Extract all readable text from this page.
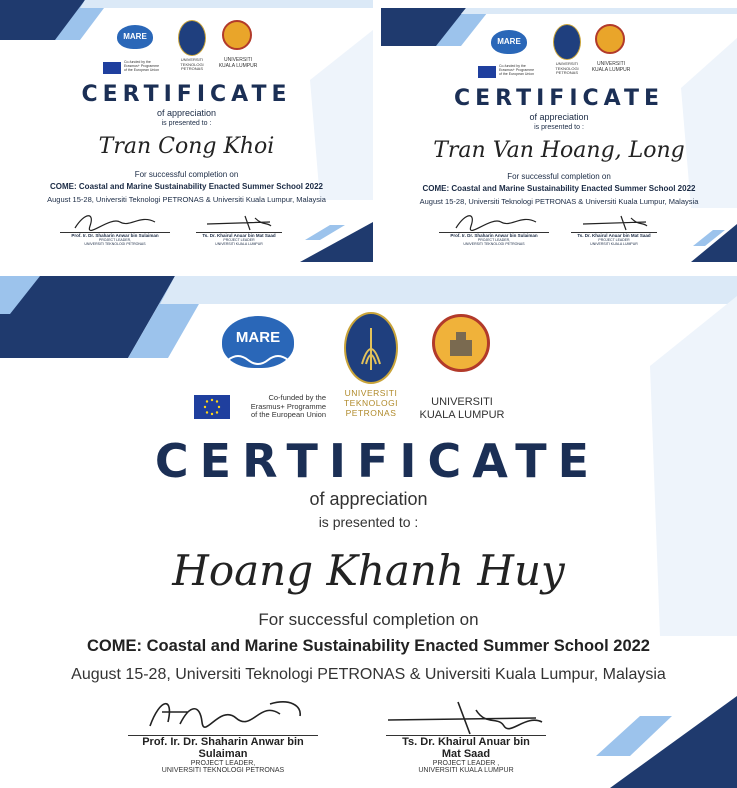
MARE
Co-funded by the
Erasmus+ Programme
of the European Union
UNIVERSITI
TEKNOLOGI
PETRONAS
UNIVERSITI
KUALA LUMPUR
CERTIFICATE
of appreciation
is presented to :
Tran Cong Khoi
For successful completion on
COME: Coastal and Marine Sustainability Enacted Summer School 2022
August 15-28, Universiti Teknologi PETRONAS & Universiti Kuala Lumpur, Malaysia
Prof. Ir. Dr. Shaharin Anwar bin Sulaiman
PROJECT LEADER,
UNIVERSITI TEKNOLOGI PETRONAS
Ts. Dr. Khairul Anuar bin Mat Saad
PROJECT LEADER
UNIVERSITI KUALA LUMPUR
MARE
Co-funded by the
Erasmus+ Programme
of the European Union
UNIVERSITI
TEKNOLOGI
PETRONAS
UNIVERSITI
KUALA LUMPUR
CERTIFICATE
of appreciation
is presented to :
Tran Van Hoang, Long
For successful completion on
COME: Coastal and Marine Sustainability Enacted Summer School 2022
August 15-28, Universiti Teknologi PETRONAS & Universiti Kuala Lumpur, Malaysia
Prof. Ir. Dr. Shaharin Anwar bin Sulaiman
PROJECT LEADER,
UNIVERSITI TEKNOLOGI PETRONAS
Ts. Dr. Khairul Anuar bin Mat Saad
PROJECT LEADER
UNIVERSITI KUALA LUMPUR
MARE
Co-funded by the
Erasmus+ Programme
of the European Union
UNIVERSITI
TEKNOLOGI
PETRONAS
UNIVERSITI
KUALA LUMPUR
CERTIFICATE
of appreciation
is presented to :
Hoang Khanh Huy
For successful completion on
COME: Coastal and Marine Sustainability Enacted Summer School 2022
August 15-28, Universiti Teknologi PETRONAS & Universiti Kuala Lumpur, Malaysia
Prof. Ir. Dr. Shaharin Anwar bin
Sulaiman
PROJECT LEADER,
UNIVERSITI TEKNOLOGI PETRONAS
Ts. Dr. Khairul Anuar bin
Mat Saad
PROJECT LEADER ,
UNIVERSITI KUALA LUMPUR
